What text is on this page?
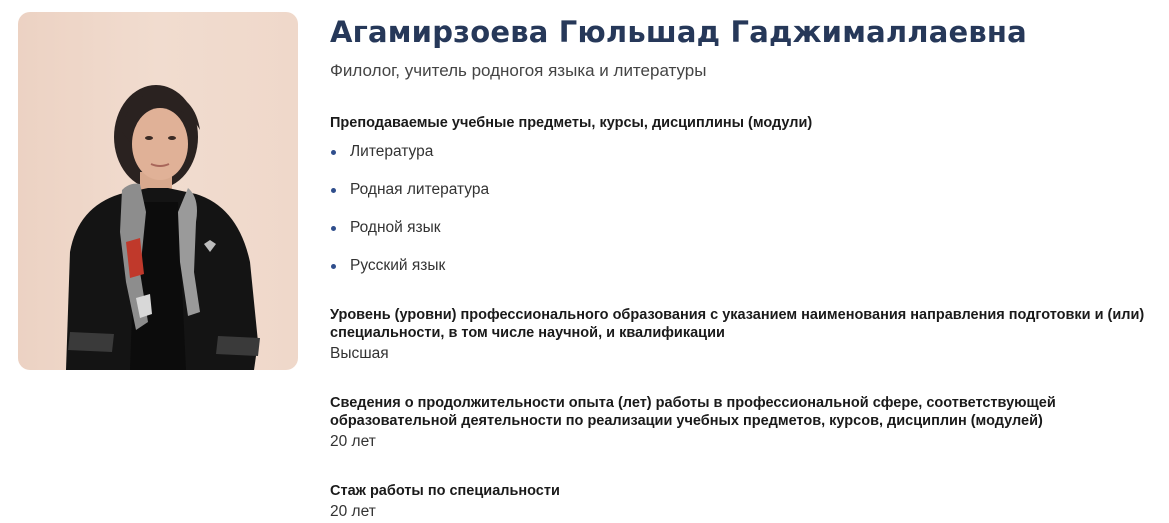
Агамирзоева Гюльшад Гаджималлаевна
Филолог, учитель родногоя языка и литературы
Преподаваемые учебные предметы, курсы, дисциплины (модули)
Литература
Родная литература
Родной язык
Русский язык
Уровень (уровни) профессионального образования с указанием наименования направления подготовки и (или) специальности, в том числе научной, и квалификации
Высшая
Сведения о продолжительности опыта (лет) работы в профессиональной сфере, соответствующей образовательной деятельности по реализации учебных предметов, курсов, дисциплин (модулей)
20 лет
Стаж работы по специальности
20 лет
